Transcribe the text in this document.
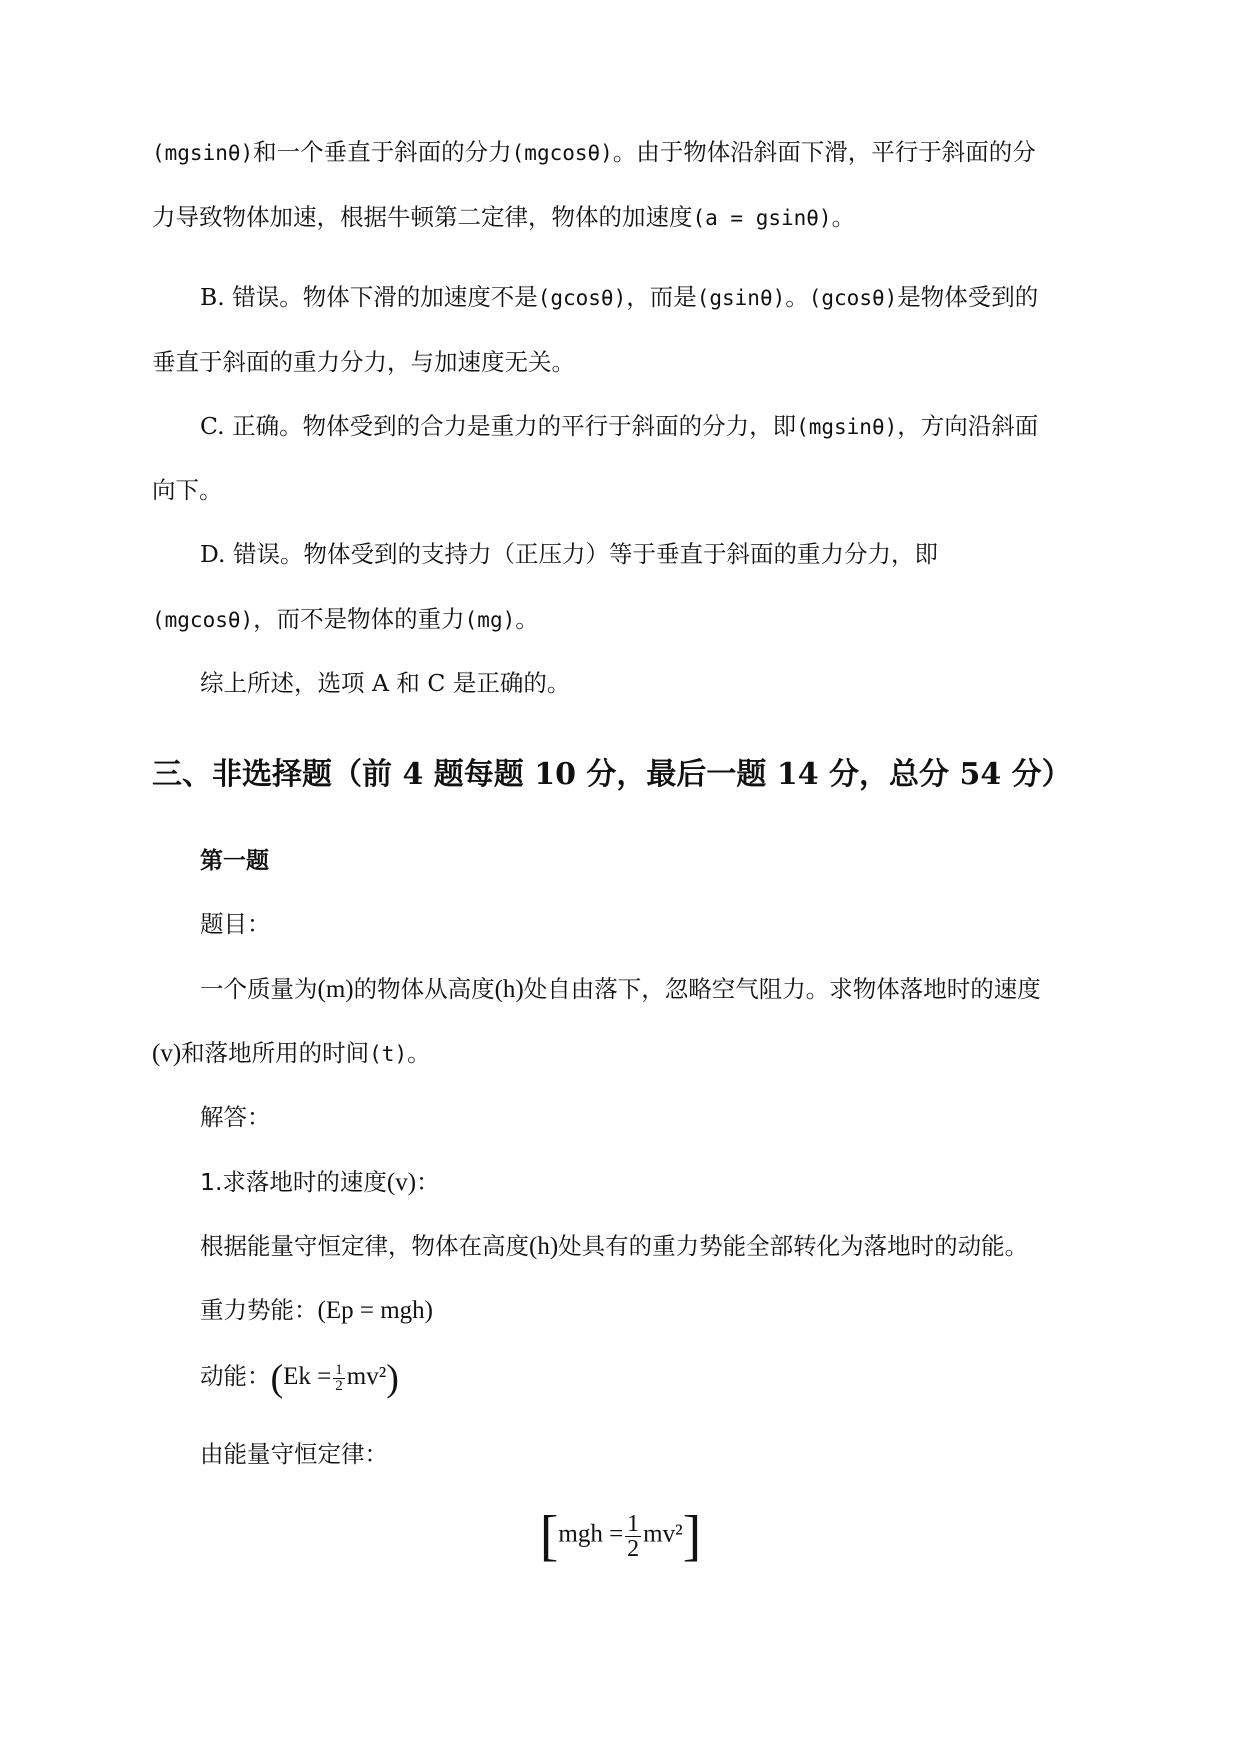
(mgsinθ)和一个垂直于斜面的分力(mgcosθ)。由于物体沿斜面下滑，平行于斜面的分
力导致物体加速，根据牛顿第二定律，物体的加速度(a = gsinθ)。
B. 错误。物体下滑的加速度不是(gcosθ)，而是(gsinθ)。(gcosθ)是物体受到的
垂直于斜面的重力分力，与加速度无关。
C. 正确。物体受到的合力是重力的平行于斜面的分力，即(mgsinθ)，方向沿斜面
向下。
D. 错误。物体受到的支持力（正压力）等于垂直于斜面的重力分力，即
(mgcosθ)，而不是物体的重力(mg)。
综上所述，选项 A 和 C 是正确的。
三、非选择题（前 4 题每题 10 分，最后一题 14 分，总分 54 分）
第一题
题目：
一个质量为(m)的物体从高度(h)处自由落下，忽略空气阻力。求物体落地时的速度
(v)和落地所用的时间(t)。
解答：
1.求落地时的速度(v)：
根据能量守恒定律，物体在高度(h)处具有的重力势能全部转化为落地时的动能。
重力势能：(Ep = mgh)
动能：$(Ek = \frac{1}{2} mv^2)$
由能量守恒定律：
$[mgh = \frac{1}{2} mv^2]$
